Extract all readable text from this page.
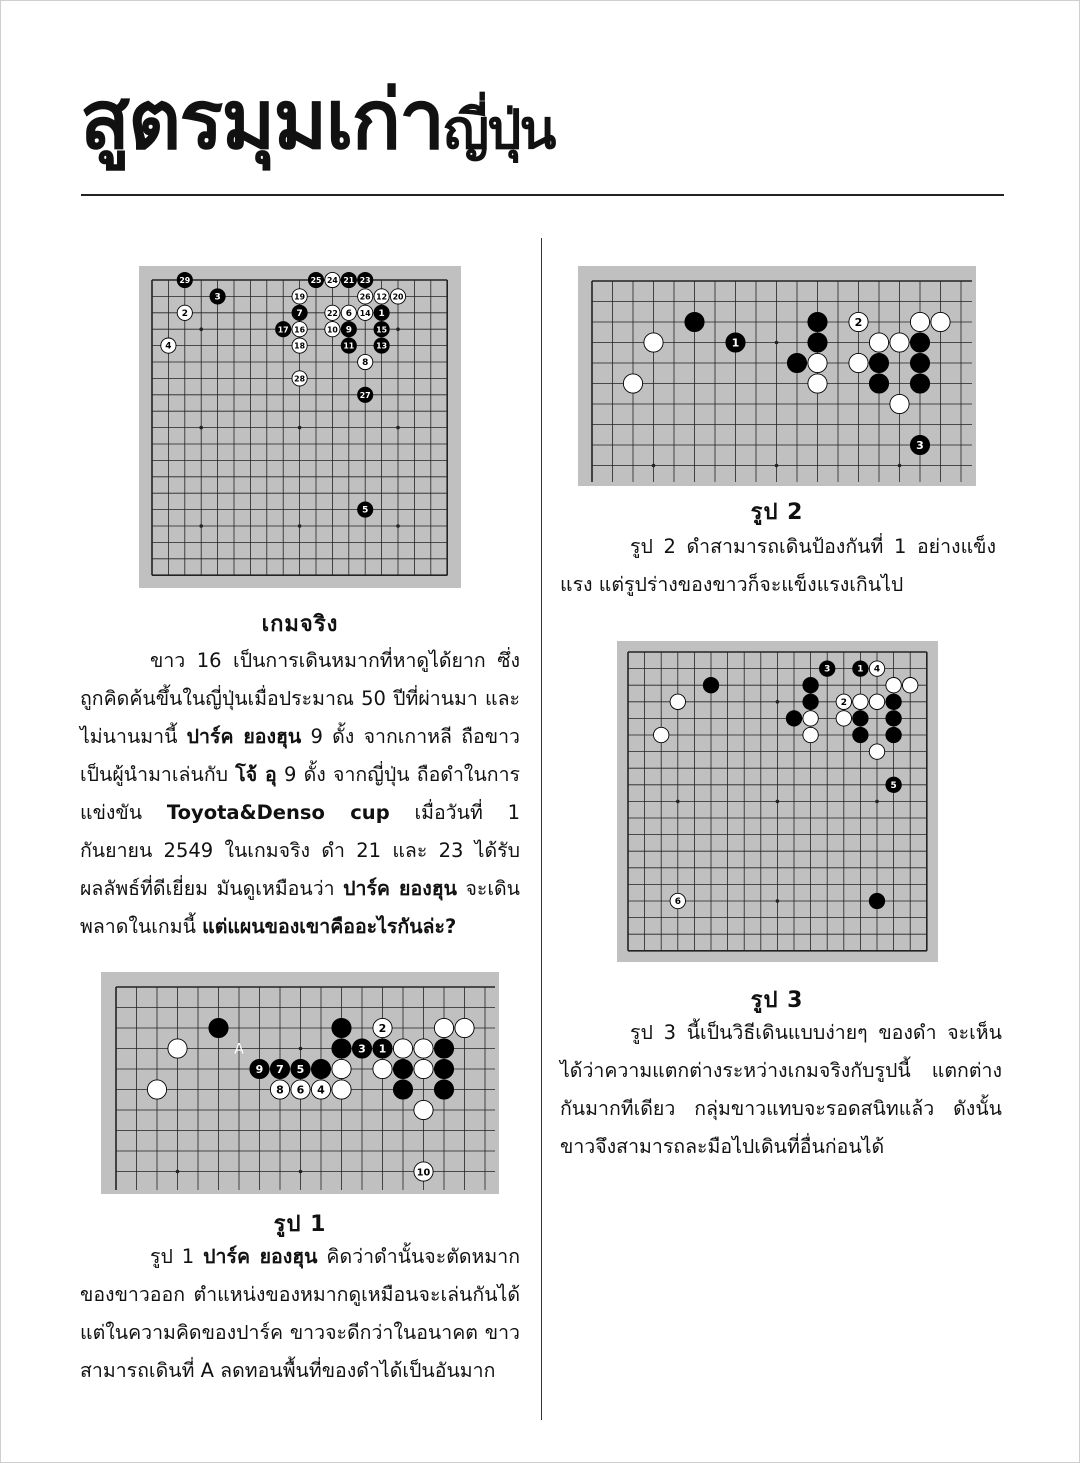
สูตรมุมเก่าญี่ปุ่น
29
3
2
4
25 24 21 23
19	26 12 20
7	22 6 14 1
17 16	10 9	15
18	11	13
8
28
27
5
2
3 1
9 7 5
8 6 4
10
A
1
2
3
3	1 4
2
5
6
เกมจริง
รูป 1
รูป 2
รูป 3

ขาว 16 เป็นการเดินหมากที่หาดูได้ยาก ซึ่งถูกคิดค้นขึ้นในญี่ปุ่นเมื่อประมาณ 50 ปีที่ผ่านมา และไม่นานมานี้ ปาร์ค ยองฮุน 9 ดั้ง จากเกาหลี ถือขาวเป็นผู้นำมาเล่นกับ โจ้ อุ 9 ดั้ง จากญี่ปุ่น ถือดำในการแข่งขัน Toyota&Denso cup เมื่อวันที่ 1 กันยายน 2549 ในเกมจริง ดำ 21 และ 23 ได้รับผลลัพธ์ที่ดีเยี่ยม มันดูเหมือนว่า ปาร์ค ยองฮุน จะเดินพลาดในเกมนี้ แต่แผนของเขาคืออะไรกันล่ะ?

รูป 1 ปาร์ค ยองฮุน คิดว่าดำนั้นจะตัดหมากของขาวออก ตำแหน่งของหมากดูเหมือนจะเล่นกันได้ แต่ในความคิดของปาร์ค ขาวจะดีกว่าในอนาคต ขาวสามารถเดินที่ A ลดทอนพื้นที่ของดำได้เป็นอันมาก

รูป 2 ดำสามารถเดินป้องกันที่ 1 อย่างแข็งแรง แต่รูปร่างของขาวก็จะแข็งแรงเกินไป

รูป 3 นี้เป็นวิธีเดินแบบง่ายๆ ของดำ จะเห็นได้ว่าความแตกต่างระหว่างเกมจริงกับรูปนี้ แตกต่างกันมากทีเดียว กลุ่มขาวแทบจะรอดสนิทแล้ว ดังนั้น ขาวจึงสามารถละมือไปเดินที่อื่นก่อนได้
